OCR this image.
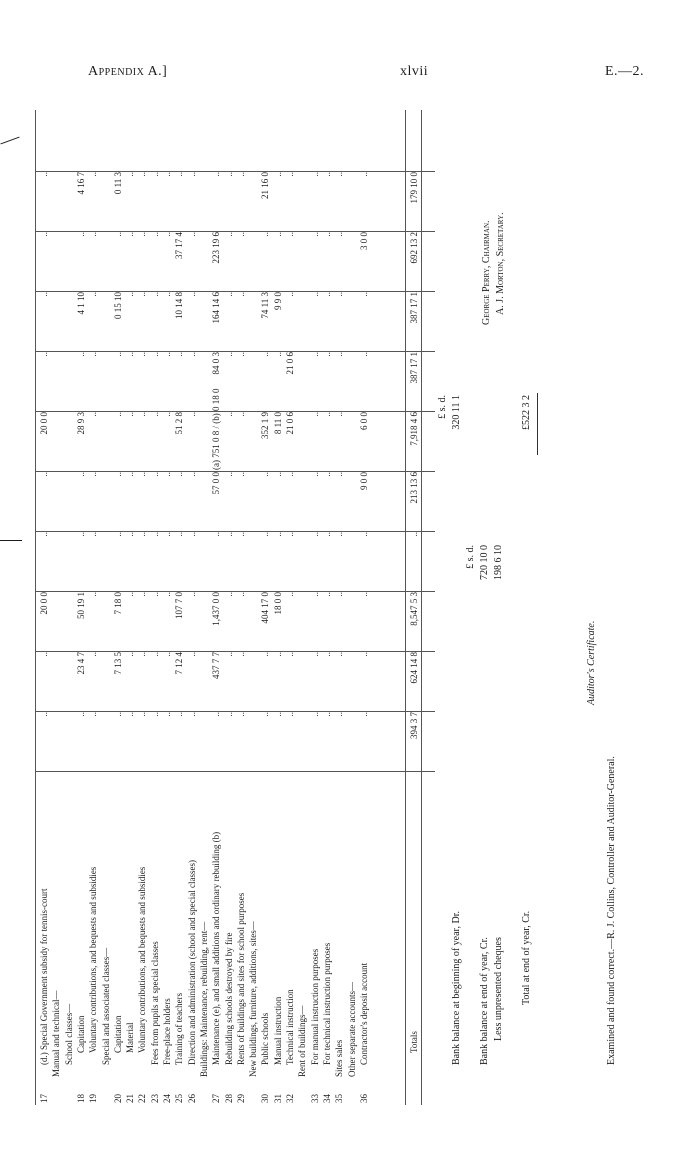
Appendix A.]	xlvii	E.—2.
17
(d.) Special Government subsidy for tennis-court
..
..
20 0 0
..
..
20 0 0
..
..
..
..
Manual and technical— School classes—
18
Capitation
..
23 4 7
50 19 1
..
..
28 9 3
..
4 1 10
..
4 16 7
19
Voluntary contributions, and bequests and subsidies
..
..
..
..
..
..
..
..
..
..
Special and associated classes—
20
Capitation
..
7 13 5
7 18 0
..
..
..
..
0 15 10
..
0 11 3
21
Material
..
..
..
..
..
..
..
..
..
..
22
Voluntary contributions, and bequests and subsidies
..
..
..
..
..
..
..
..
..
..
23
Fees from pupils at special classes
..
..
..
..
..
..
..
..
..
..
24
Free-place holders
..
..
..
..
..
..
..
..
..
..
25
Training of teachers
..
7 12 4
107 7 0
..
..
51 2 8
..
10 14 8
37 17 4
..
26
Direction and administration (school and special classes)
..
..
..
..
..
..
..
..
..
..
Buildings: Maintenance, rebuilding, rent—
27
Maintenance (e), and small additions and ordinary rebuilding (b)
..
437 7 7
1,437 0 0
..
57 0 0
(a) 751 0 8 / (b) 0 18 0
84 0 3
164 14 6
223 19 6
..
28
Rebuilding schools destroyed by fire
..
..
..
..
..
..
..
..
..
..
29
Rents of buildings and sites for school purposes
..
..
..
..
..
..
..
..
..
..
New buildings, furniture, additions, sites—
30
Public schools
..
..
404 17 0
..
..
352 1 9
..
74 11 3
..
21 16 0
31
Manual instruction
..
..
18 0 0
..
..
8 11 0
..
9 9 0
..
..
32
Technical instruction
..
..
..
..
..
21 0 6
21 0 6
..
..
..
Rent of buildings—
33
For manual instruction purposes
..
..
..
..
..
..
..
..
..
..
34
For technical instruction purposes
..
..
..
..
..
..
..
..
..
..
35
Sites sales
..
..
..
..
..
..
..
..
..
..
Other separate accounts—
36
Contractor's deposit account
..
..
..
..
9 0 0
6 0 0
..
..
3 0 0
..
Totals
394 3 7
624 14 8
8,547 5 3
..
213 13 6
7,918 4 6
387 17 1
387 17 1
692 13 2
179 10 0
Bank balance at beginning of year, Dr.
£ s. d. 320 11 1
Bank balance at end of year, Cr.
£ s. d. 720 10 0
Less unpresented cheques
198 6 10
Total at end of year, Cr.
£522 3 2
George Perry, Chairman. A. J. Morton, Secretary.
Auditor's Certificate.
Examined and found correct.—R. J. Collins, Controller and Auditor-General.
